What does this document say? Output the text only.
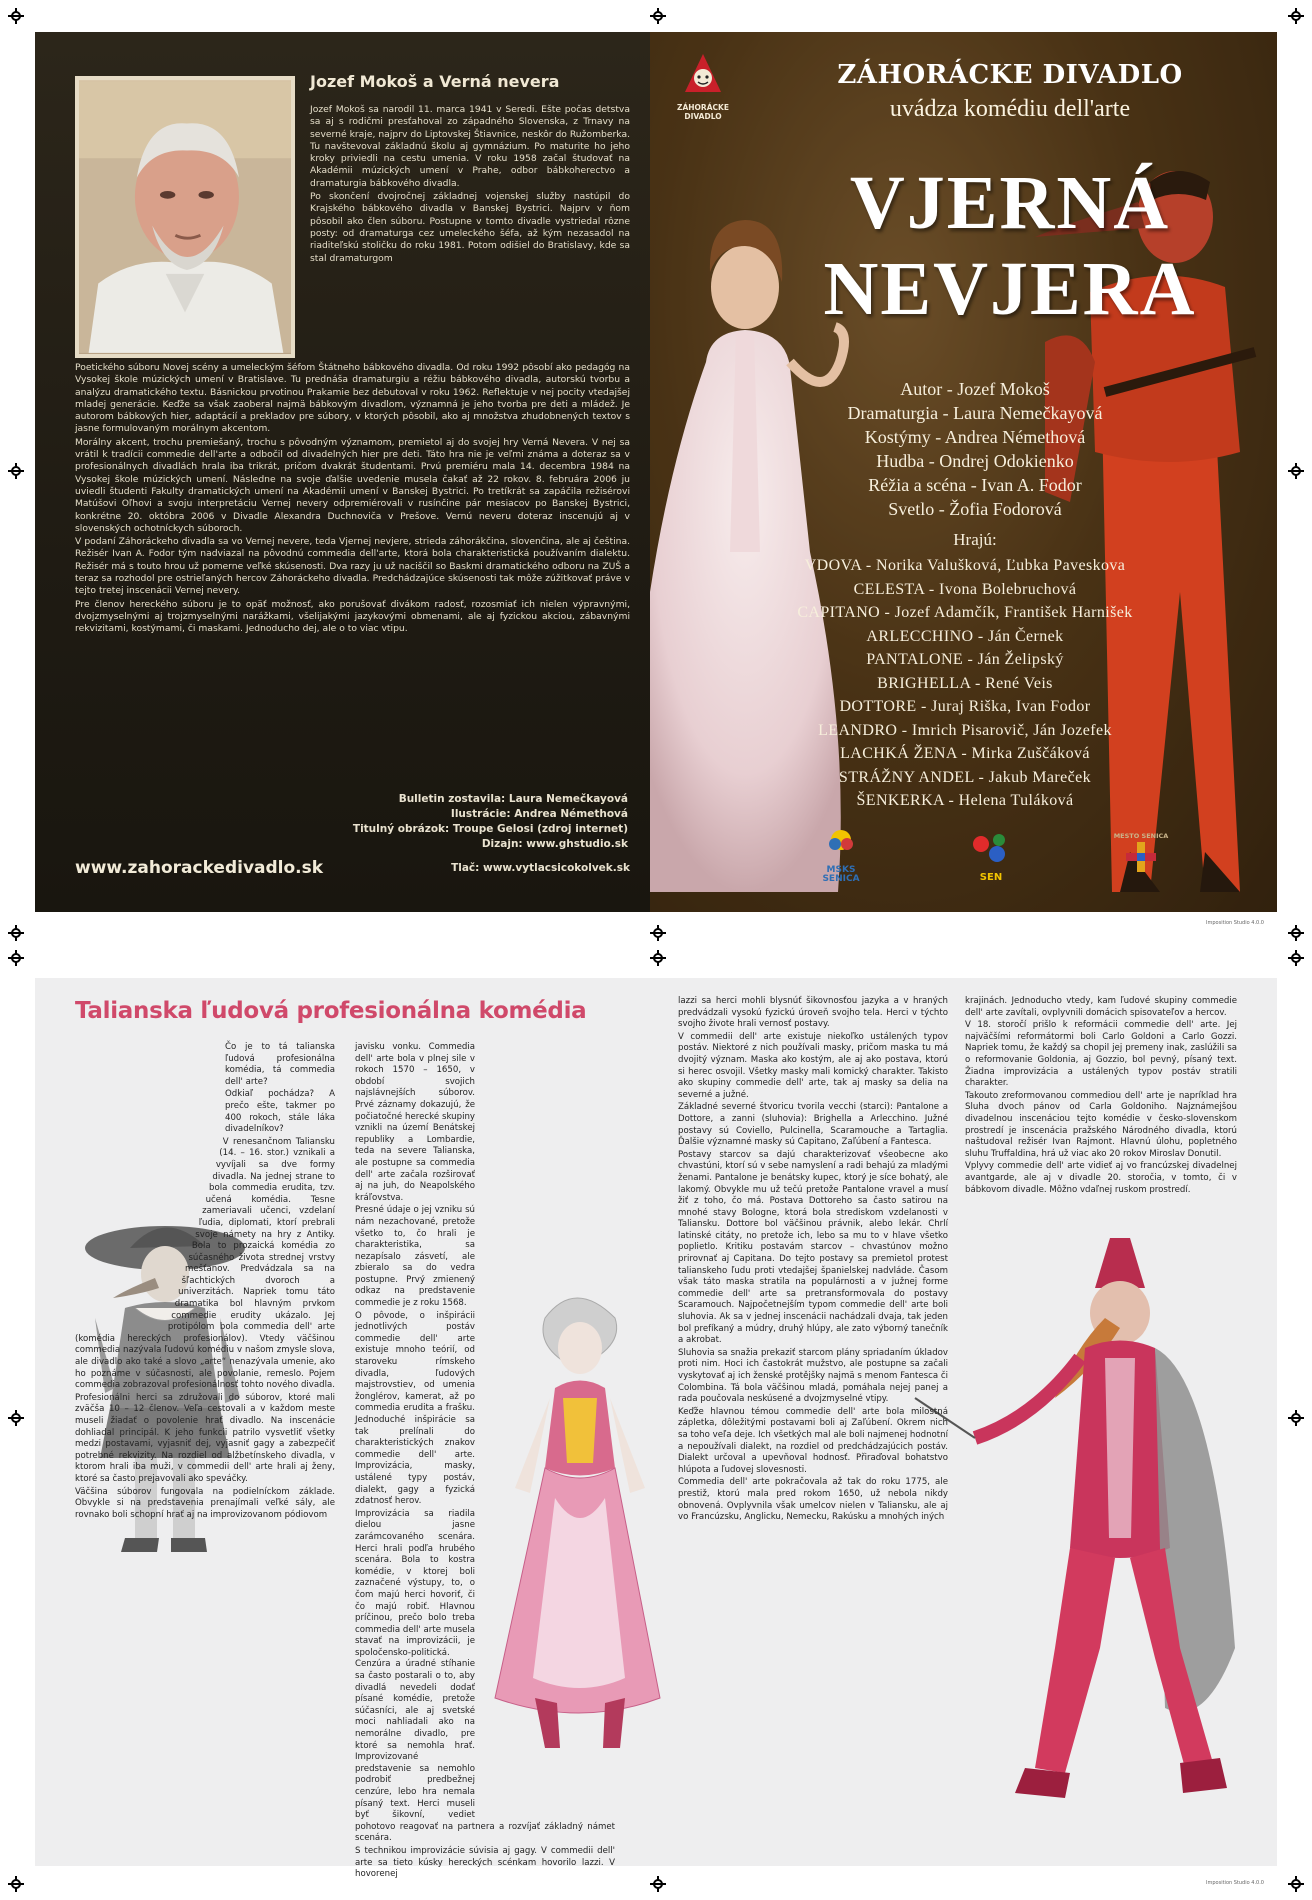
Jozef Mokoš a Verná nevera

Jozef Mokoš sa narodil 11. marca 1941 v Seredi. Ešte počas detstva sa aj s rodičmi presťahoval zo západného Slovenska, z Trnavy na severné kraje, najprv do Liptovskej Štiavnice, neskôr do Ružomberka. Tu navštevoval základnú školu aj gymnázium. Po maturite ho jeho kroky priviedli na cestu umenia. V roku 1958 začal študovať na Akadémii múzických umení v Prahe, odbor bábkoherectvo a dramaturgia bábkového divadla.

Po skončení dvojročnej základnej vojenskej služby nastúpil do Krajského bábkového divadla v Banskej Bystrici. Najprv v ňom pôsobil ako člen súboru. Postupne v tomto divadle vystriedal rôzne posty: od dramaturga cez umeleckého šéfa, až kým nezasadol na riaditeľskú stoličku do roku 1981. Potom odišiel do Bratislavy, kde sa stal dramaturgom

Poetického súboru Novej scény a umeleckým šéfom Štátneho bábkového divadla. Od roku 1992 pôsobí ako pedagóg na Vysokej škole múzických umení v Bratislave. Tu prednáša dramaturgiu a réžiu bábkového divadla, autorskú tvorbu a analýzu dramatického textu. Básnickou prvotinou Prakamie bez debutoval v roku 1962. Reflektuje v nej pocity vtedajšej mladej generácie. Keďže sa však zaoberal najmä bábkovým divadlom, významná je jeho tvorba pre deti a mládež. Je autorom bábkových hier, adaptácií a prekladov pre súbory, v ktorých pôsobil, ako aj množstva zhudobnených textov s jasne formulovaným morálnym akcentom.

Morálny akcent, trochu premiešaný, trochu s pôvodným významom, premietol aj do svojej hry Verná Nevera. V nej sa vrátil k tradícii commedie dell'arte a odbočil od divadelných hier pre deti. Táto hra nie je veľmi známa a doteraz sa v profesionálnych divadlách hrala iba trikrát, pričom dvakrát študentami. Prvú premiéru mala 14. decembra 1984 na Vysokej škole múzických umení. Následne na svoje ďalšie uvedenie musela čakať až 22 rokov. 8. februára 2006 ju uviedli študenti Fakulty dramatických umení na Akadémii umení v Banskej Bystrici. Po tretíkrát sa zapáčila režisérovi Matúšovi Oľhovi a svoju interpretáciu Vernej nevery odpremiérovali v rusínčine pár mesiacov po Banskej Bystrici, konkrétne 20. októbra 2006 v Divadle Alexandra Duchnoviča v Prešove. Vernú neveru doteraz inscenujú aj v slovenských ochotníckych súboroch.

V podaní Záhoráckeho divadla sa vo Vernej nevere, teda Vjernej nevjere, strieda záhorákčina, slovenčina, ale aj čeština. Režisér Ivan A. Fodor tým nadviazal na pôvodnú commedia dell'arte, ktorá bola charakteristická používaním dialektu. Režisér má s touto hrou už pomerne veľké skúsenosti. Dva razy ju už naciščil so Baskmi dramatického odboru na ZUŠ a teraz sa rozhodol pre ostrieľaných hercov Záhoráckeho divadla. Predchádzajúce skúsenosti tak môže zúžitkovať práve v tejto tretej inscenácii Vernej nevery.

Pre členov hereckého súboru je to opäť možnosť, ako porušovať divákom radosť, rozosmiať ich nielen výpravnými, dvojzmyselnými aj trojzmyselnými narážkami, všelijakými jazykovými obmenami, ale aj fyzickou akciou, zábavnými rekvizitami, kostýmami, či maskami. Jednoducho dej, ale o to viac vtipu.

Bulletin zostavila: Laura Nemečkayová
Ilustrácie: Andrea Némethová
Titulný obrázok: Troupe Gelosi (zdroj internet)
Dizajn: www.ghstudio.sk
www.zahorackedivadlo.sk	Tlač: www.vytlacsicokolvek.sk
ZÁHORÁCKE
DIVADLO
ZÁHORÁCKE DIVADLO
uvádza komédiu dell'arte
VJERNÁ
NEVJERA
Autor - Jozef Mokoš
Dramaturgia - Laura Nemečkayová
Kostýmy - Andrea Némethová
Hudba - Ondrej Odokienko
Réžia a scéna - Ivan A. Fodor
Svetlo - Žofia Fodorová
Hrajú:
VDOVA - Norika Valušková, Ľubka Paveskova
CELESTA - Ivona Bolebruchová
CAPITANO - Jozef Adamčík, František Harnišek
ARLECCHINO - Ján Černek
PANTALONE - Ján Želipský
BRIGHELLA - René Veis
DOTTORE - Juraj Riška, Ivan Fodor
LEANDRO - Imrich Pisarovič, Ján Jozefek
LACHKÁ ŽENA - Mirka Zuščáková
STRÁŽNY ANDEL - Jakub Mareček
ŠENKERKA - Helena Tuláková
MSKS SENICA	SEN
MESTO SENICA
Imposition Studio 4.0.0
Talianska ľudová profesionálna komédia

Čo je to tá talianska ľudová profesionálna komédia, tá commedia dell' arte?

Odkiaľ pochádza? A prečo ešte, takmer po 400 rokoch, stále láka divadelníkov?

V renesančnom Taliansku (14. – 16. stor.) vznikali a vyvíjali sa dve formy divadla. Na jednej strane to bola commedia erudita, tzv. učená komédia. Tesne zameriavali učenci, vzdelaní ľudia, diplomati, ktorí prebrali svoje námety na hry z Antiky. Bola to prozaická komédia zo súčasného života strednej vrstvy mešťanov. Predvádzala sa na šľachtických dvoroch a univerzitách. Napriek tomu táto dramatika bol hlavným prvkom commedie erudity ukázalo. Jej protipólom bola commedia dell' arte (komédia hereckých profesionálov). Vtedy väčšinou commedia nazývala ľudovú komédiu v našom zmysle slova, ale divadlo ako také a slovo „arte“ nenazývala umenie, ako ho poznáme v súčasnosti, ale povolanie, remeslo. Pojem commedia zobrazoval profesionálnosť tohto nového divadla.

Profesionálni herci sa združovali do súborov, ktoré mali zväčša 10 – 12 členov. Veľa cestovali a v každom meste museli žiadať o povolenie hrať divadlo. Na inscenácie dohliadal principál. K jeho funkcii patrilo vysvetliť všetky medzi postavami, vyjasniť dej, vyjasniť gagy a zabezpečiť potrebné rekvizity. Na rozdiel od alžbetínskeho divadla, v ktorom hrali iba muži, v commedii dell' arte hrali aj ženy, ktoré sa často prejavovali ako speváčky.

Väčšina súborov fungovala na podielníckom základe. Obvykle si na predstavenia prenajímali veľké sály, ale rovnako boli schopní hrať aj na improvizovanom pódiovom

javisku vonku. Commedia dell' arte bola v plnej sile v rokoch 1570 – 1650, v období svojich najslávnejších súborov. Prvé záznamy dokazujú, že počiatočné herecké skupiny vznikli na území Benátskej republiky a Lombardie, teda na severe Talianska, ale postupne sa commedia dell' arte začala rozširovať aj na juh, do Neapolského kráľovstva.

Presné údaje o jej vzniku sú nám nezachované, pretože všetko to, čo hrali je charakteristika, sa nezapísalo zásvetí, ale zbieralo sa do vedra postupne. Prvý zmienený odkaz na predstavenie commedie je z roku 1568.

O pôvode, o inšpirácii jednotlivých postáv commedie dell' arte existuje mnoho teórií, od staroveku rímskeho divadla, ľudových majstrovstiev, od umenia žonglérov, kamerat, až po commedia erudita a frašku. Jednoduché inšpirácie sa tak prelínali do charakteristických znakov commedie dell' arte. Improvizácia, masky, ustálené typy postáv, dialekt, gagy a fyzická zdatnosť herov.

Improvizácia sa riadila dielou jasne zarámcovaného scenára. Herci hrali podľa hrubého scenára. Bola to kostra komédie, v ktorej boli zaznačené výstupy, to, o čom majú herci hovoriť, či čo majú robiť. Hlavnou príčinou, prečo bolo treba commedia dell' arte musela stavať na improvizácii, je spoločensko-politická. Cenzúra a úradné stíhanie sa často postarali o to, aby divadlá nevedeli dodať písané komédie, pretože súčasníci, ale aj svetské moci nahliadali ako na nemorálne divadlo, pre ktoré sa nemohla hrať. Improvizované predstavenie sa nemohlo podrobiť predbežnej cenzúre, lebo hra nemala písaný text. Herci museli byť šikovní, vediet pohotovo reagovať na partnera a rozvíjať základný námet scenára.

S technikou improvizácie súvisia aj gagy. V commedii dell' arte sa tieto kúsky hereckých scénkam hovorilo lazzi. V hovorenej

lazzi sa herci mohli blysnúť šikovnosťou jazyka a v hraných predvádzali vysokú fyzickú úroveň svojho tela. Herci v týchto svojho živote hrali vernosť postavy.

V commedii dell' arte existuje niekoľko ustálených typov postáv. Niektoré z nich používali masky, pričom maska tu má dvojitý význam. Maska ako kostým, ale aj ako postava, ktorú si herec osvojil. Všetky masky mali komický charakter. Takisto ako skupiny commedie dell' arte, tak aj masky sa delia na severné a južné.

Základné severné štvoricu tvorila vecchi (starci): Pantalone a Dottore, a zanni (sluhovia): Brighella a Arlecchino. Južné postavy sú Coviello, Pulcinella, Scaramouche a Tartaglia. Ďalšie významné masky sú Capitano, Zaľúbení a Fantesca.

Postavy starcov sa dajú charakterizovať všeobecne ako chvastúni, ktorí sú v sebe namyslení a radi behajú za mladými ženami. Pantalone je benátsky kupec, ktorý je síce bohatý, ale lakomý. Obvykle mu už tečú pretože Pantalone vravel a musí žiť z toho, čo má. Postava Dottoreho sa často satirou na mnohé stavy Bologne, ktorá bola strediskom vzdelanosti v Taliansku. Dottore bol väčšinou právnik, alebo lekár. Chrlí latinské citáty, no pretože ich, lebo sa mu to v hlave všetko poplietlo. Kritiku postavám starcov – chvastúnov možno prirovnať aj Capitana. Do tejto postavy sa premietol protest talianskeho ľudu proti vtedajšej španielskej nadvláde. Časom však táto maska stratila na populárnosti a v južnej forme commedie dell' arte sa pretransformovala do postavy Scaramouch. Najpočetnejším typom commedie dell' arte boli sluhovia. Ak sa v jednej inscenácii nachádzali dvaja, tak jeden bol prefíkaný a múdry, druhý hlúpy, ale zato výborný tanečník a akrobat.

Sluhovia sa snažia prekaziť starcom plány spriadaním úkladov proti nim. Hoci ich častokrát mužstvo, ale postupne sa začali vyskytovať aj ich ženské protějšky najmä s menom Fantesca či Colombina. Tá bola väčšinou mladá, pomáhala nejej panej a rada poučovala neskúsené a dvojzmyselné vtipy.

Keďže hlavnou témou commedie dell' arte bola milostná zápletka, dôležitými postavami boli aj Zaľúbení. Okrem nich sa toho veľa deje. Ich všetkých mal ale boli najmenej hodnotní a nepoužívali dialekt, na rozdiel od predchádzajúcich postáv. Dialekt určoval a upevňoval hodnosť. Přiraďoval bohatstvo hlúpota a ľudovej slovesnosti.

Commedia dell' arte pokračovala až tak do roku 1775, ale prestiž, ktorú mala pred rokom 1650, už nebola nikdy obnovená. Ovplyvnila však umelcov nielen v Taliansku, ale aj vo Francúzsku, Anglicku, Nemecku, Rakúsku a mnohých iných

krajinách. Jednoducho vtedy, kam ľudové skupiny commedie dell' arte zavítali, ovplyvnili domácich spisovateľov a hercov.

V 18. storočí prišlo k reformácii commedie dell' arte. Jej najväčšími reformátormi boli Carlo Goldoni a Carlo Gozzi. Napriek tomu, že každý sa chopil jej premeny inak, zaslúžili sa o reformovanie Goldonia, aj Gozzio, bol pevný, písaný text. Žiadna improvizácia a ustálených typov postáv stratili charakter.

Takouto zreformovanou commediou dell' arte je napríklad hra Sluha dvoch pánov od Carla Goldoniho. Najznámejšou divadelnou inscenáciou tejto komédie v česko-slovenskom prostredí je inscenácia pražského Národného divadla, ktorú naštudoval režisér Ivan Rajmont. Hlavnú úlohu, popletného sluhu Truffaldina, hrá už viac ako 20 rokov Miroslav Donutil.

Vplyvy commedie dell' arte vidieť aj vo francúzskej divadelnej avantgarde, ale aj v divadle 20. storočia, v tomto, či v bábkovom divadle. Môžno vdaľnej ruskom prostredí.

Imposition Studio 4.0.0
